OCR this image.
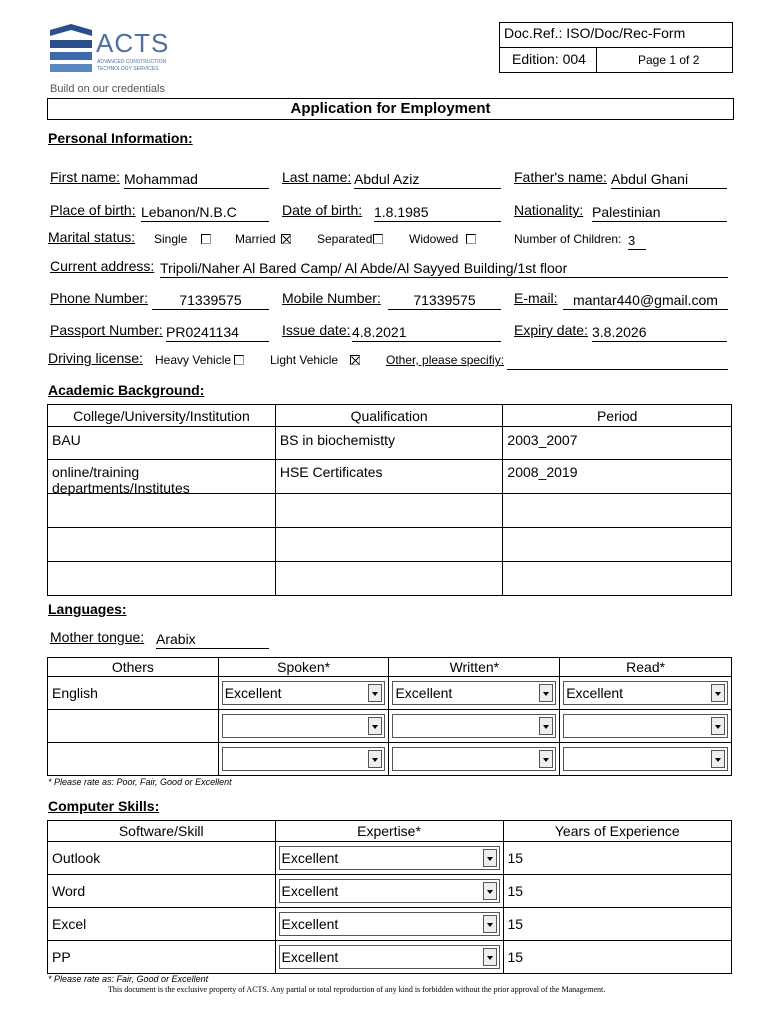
ACTS
ADVANCED CONSTRUCTION
TECHNOLOGY SERVICES
Build on our credentials
Doc.Ref.: ISO/Doc/Rec-Form
Edition: 004	Page 1 of 2
Application for Employment
Personal Information:
First name: Mohammad	Last name: Abdul Aziz	Father's name: Abdul Ghani
Place of birth: Lebanon/N.B.C	Date of birth: 1.8.1985	Nationality: Palestinian
Marital status: Single	Married	Separated	Widowed	Number of Children: 3
Current address: Tripoli/Naher Al Bared Camp/ Al Abde/Al Sayyed Building/1st floor
Phone Number:	71339575	Mobile Number:	71339575	E-mail:	mantar440@gmail.com
Passport Number: PR0241134	Issue date: 4.8.2021	Expiry date: 3.8.2026
Driving license: Heavy Vehicle	Light Vehicle	Other, please specifiy:
Academic Background:
College/University/Institution	Qualification	Period
BAU	BS in biochemistty	2003_2007

online/training departments/Institutes	HSE Certificates	2008_2019

Languages:
Mother tongue: Arabix
Others	Spoken*	Written*	Read*
English	Excellent	Excellent	Excellent

* Please rate as: Poor, Fair, Good or Excellent
Computer Skills:
Software/Skill	Expertise*	Years of Experience
Outlook	Excellent	15
Word	Excellent	15
Excel	Excellent	15
PP	Excellent	15
* Please rate as: Fair, Good or Excellent
This document is the exclusive property of ACTS. Any partial or total reproduction of any kind is forbidden without the prior approval of the Management.
